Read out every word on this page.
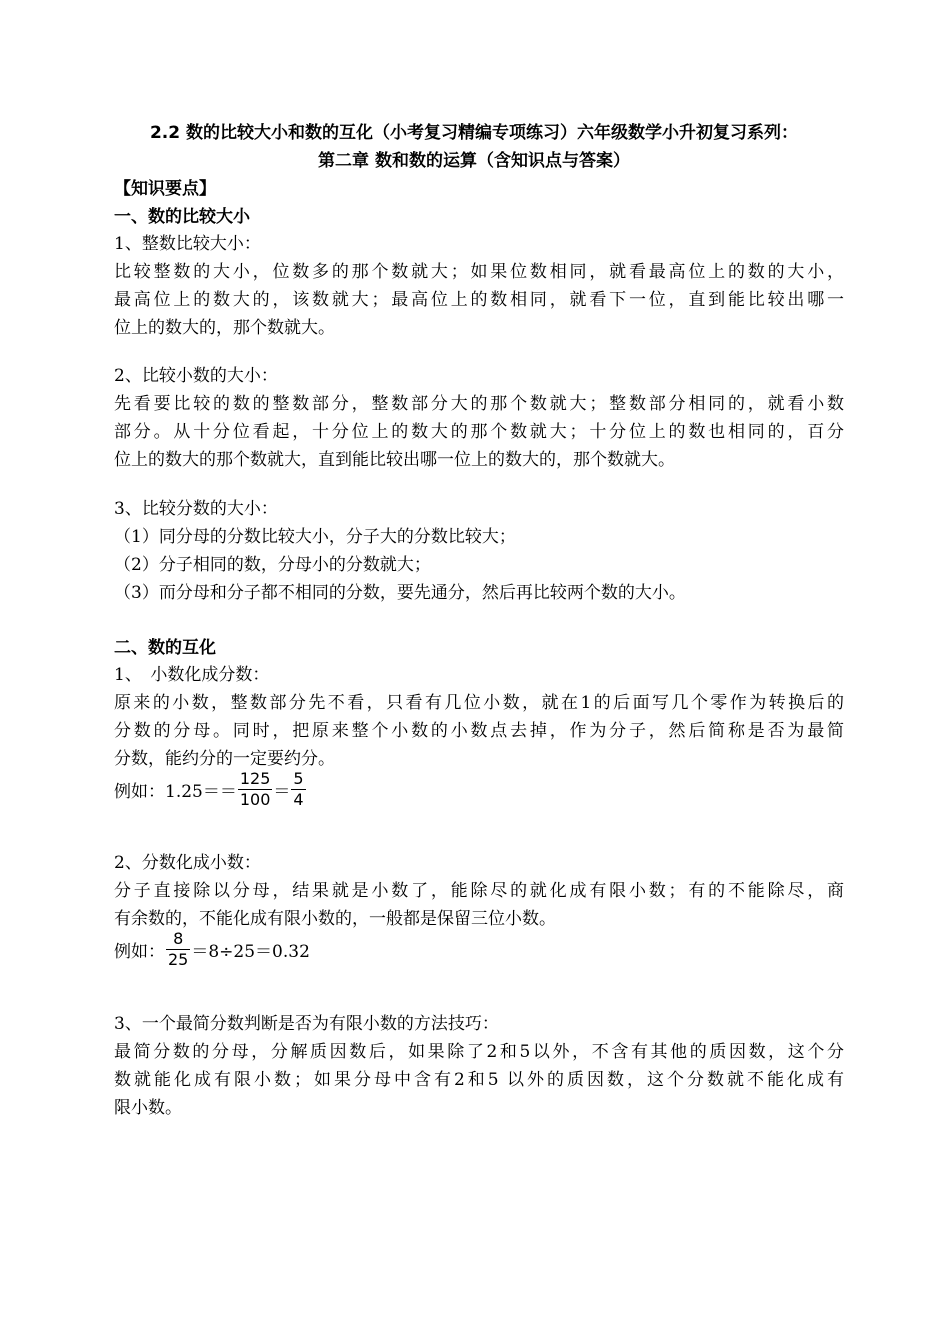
2.2 数的比较大小和数的互化（小考复习精编专项练习）六年级数学小升初复习系列：
第二章 数和数的运算（含知识点与答案）
【知识要点】
一、数的比较大小
1、整数比较大小：
比较整数的大小，位数多的那个数就大；如果位数相同，就看最高位上的数的大小，
最高位上的数大的，该数就大；最高位上的数相同，就看下一位，直到能比较出哪一
位上的数大的，那个数就大。
2、比较小数的大小：
先看要比较的数的整数部分，整数部分大的那个数就大；整数部分相同的，就看小数
部分。从十分位看起，十分位上的数大的那个数就大；十分位上的数也相同的，百分
位上的数大的那个数就大，直到能比较出哪一位上的数大的，那个数就大。
3、比较分数的大小：
（1）同分母的分数比较大小，分子大的分数比较大；
（2）分子相同的数，分母小的分数就大；
（3）而分母和分子都不相同的分数，要先通分，然后再比较两个数的大小。
二、数的互化
1、　小数化成分数：
原来的小数，整数部分先不看，只看有几位小数，就在1的后面写几个零作为转换后的
分数的分母。同时，把原来整个小数的小数点去掉，作为分子，然后简称是否为最简
分数，能约分的一定要约分。
例如：$1.25== \frac{125}{100} = \frac{5}{4}$
2、分数化成小数：
分子直接除以分母，结果就是小数了，能除尽的就化成有限小数；有的不能除尽，商
有余数的，不能化成有限小数的，一般都是保留三位小数。
例如： $\frac{8}{25} =8\div 25=0.32$
3、一个最简分数判断是否为有限小数的方法技巧：
最简分数的分母，分解质因数后，如果除了2和5以外，不含有其他的质因数，这个分
数就能化成有限小数；如果分母中含有2和5 以外的质因数，这个分数就不能化成有
限小数。
